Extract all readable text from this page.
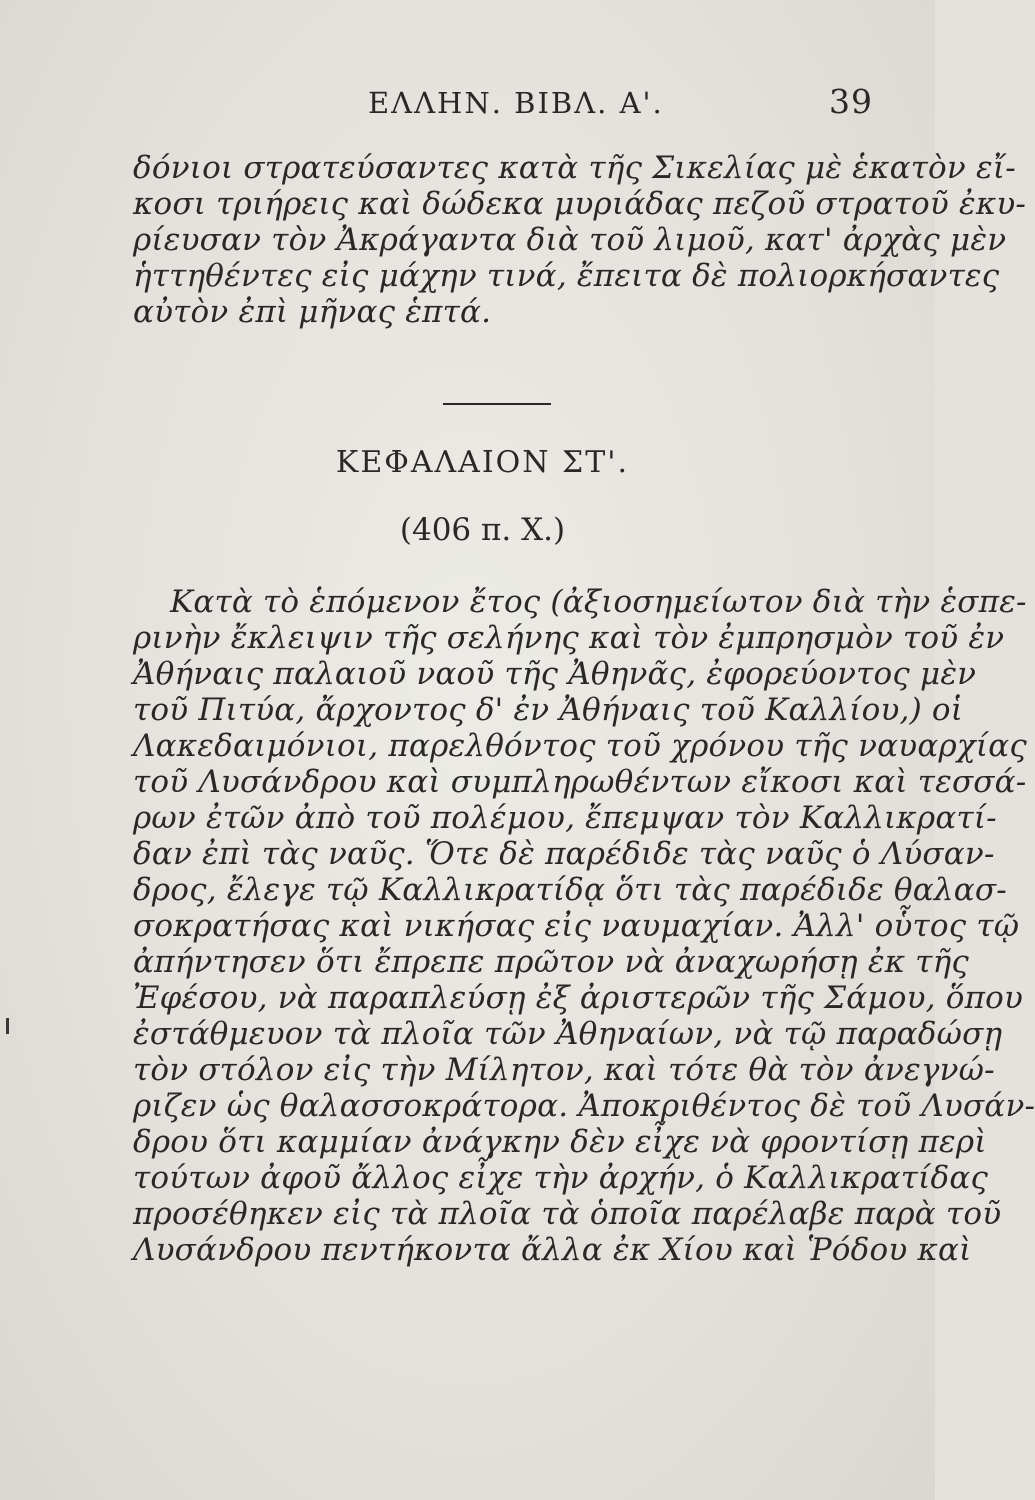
ΕΛΛΗΝ. ΒΙΒΛ. Α'.	39
δόνιοι στρατεύσαντες κατὰ τῆς Σικελίας μὲ ἑκατὸν εἴ-
κοσι τριήρεις καὶ δώδεκα μυριάδας πεζοῦ στρατοῦ ἐκυ-
ρίευσαν τὸν Ἀκράγαντα διὰ τοῦ λιμοῦ, κατ' ἀρχὰς μὲν
ἡττηθέντες εἰς μάχην τινά, ἔπειτα δὲ πολιορκήσαντες
αὐτὸν ἐπὶ μῆνας ἑπτά.
ΚΕΦΑΛΑΙΟΝ ΣΤ'.
(406 π. Χ.)
Κατὰ τὸ ἑπόμενον ἔτος (ἀξιοσημείωτον διὰ τὴν ἑσπε-
ρινὴν ἔκλειψιν τῆς σελήνης καὶ τὸν ἐμπρησμὸν τοῦ ἐν
Ἀθήναις παλαιοῦ ναοῦ τῆς Ἀθηνᾶς, ἐφορεύοντος μὲν
τοῦ Πιτύα, ἄρχοντος δ' ἐν Ἀθήναις τοῦ Καλλίου,) οἱ
Λακεδαιμόνιοι, παρελθόντος τοῦ χρόνου τῆς ναυαρχίας
τοῦ Λυσάνδρου καὶ συμπληρωθέντων εἴκοσι καὶ τεσσά-
ρων ἐτῶν ἀπὸ τοῦ πολέμου, ἔπεμψαν τὸν Καλλικρατί-
δαν ἐπὶ τὰς ναῦς. Ὅτε δὲ παρέδιδε τὰς ναῦς ὁ Λύσαν-
δρος, ἔλεγε τῷ Καλλικρατίδᾳ ὅτι τὰς παρέδιδε θαλασ-
σοκρατήσας καὶ νικήσας εἰς ναυμαχίαν. Ἀλλ' οὗτος τῷ
ἀπήντησεν ὅτι ἔπρεπε πρῶτον νὰ ἀναχωρήσῃ ἐκ τῆς
Ἐφέσου, νὰ παραπλεύσῃ ἐξ ἀριστερῶν τῆς Σάμου, ὅπου
ἐστάθμευον τὰ πλοῖα τῶν Ἀθηναίων, νὰ τῷ παραδώσῃ
τὸν στόλον εἰς τὴν Μίλητον, καὶ τότε θὰ τὸν ἀνεγνώ-
ριζεν ὡς θαλασσοκράτορα. Ἀποκριθέντος δὲ τοῦ Λυσάν-
δρου ὅτι καμμίαν ἀνάγκην δὲν εἶχε νὰ φροντίσῃ περὶ
τούτων ἀφοῦ ἄλλος εἶχε τὴν ἀρχήν, ὁ Καλλικρατίδας
προσέθηκεν εἰς τὰ πλοῖα τὰ ὁποῖα παρέλαβε παρὰ τοῦ
Λυσάνδρου πεντήκοντα ἄλλα ἐκ Χίου καὶ Ῥόδου καὶ
